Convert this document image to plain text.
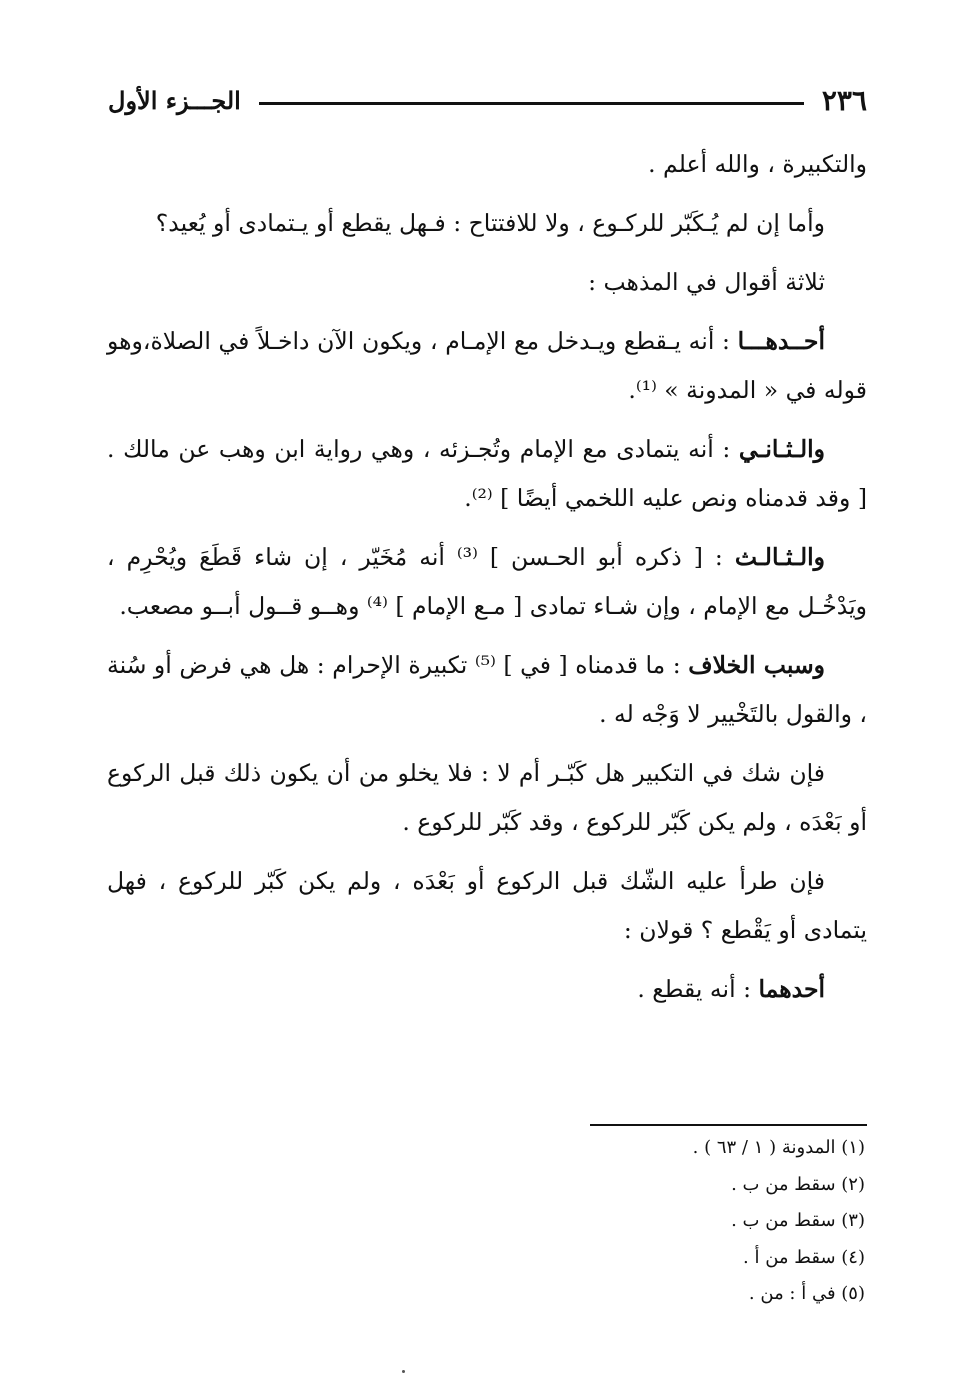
٢٣٦
الجـــزء الأول

والتكبيرة ، والله أعلم .

وأما إن لم يُـكَبّر للركـوع ، ولا للافتتاح : فـهل يقطع أو يـتمادى أو يُعيد؟

ثلاثة أقوال في المذهب :

أحــدهـــا : أنه يـقطع ويـدخل مع الإمـام ، ويكون الآن داخـلاً في الصلاة،وهو قوله في « المدونة » ⁽¹⁾.

والـثـانـي : أنه يتمادى مع الإمام وتُجـزئه ، وهي رواية ابن وهب عن مالك . [ وقد قدمناه ونص عليه اللخمي أيضًا ] ⁽²⁾.

والـثـالـث : [ ذكره أبو الحـسن ] ⁽³⁾ أنه مُخَيّر ، إن شاء قَطَعَ ويُحْرِم ، ويَدْخُـل مع الإمام ، وإن شـاء تمادى [ مـع الإمام ] ⁽⁴⁾ وهــو قــول أبــو مصعب.

وسبب الخلاف : ما قدمناه [ في ] ⁽⁵⁾ تكبيرة الإحرام : هل هي فرض أو سُنة ، والقول بالتَخْيير لا وَجْه له .

فإن شك في التكبير هل كَبّـر أم لا : فلا يخلو من أن يكون ذلك قبل الركوع أو بَعْدَه ، ولم يكن كَبّر للركوع ، وقد كَبّر للركوع .

فإن طرأ عليه الشّك قبل الركوع أو بَعْدَه ، ولم يكن كَبّر للركوع ، فهل يتمادى أو يَقْطع ؟ قولان :

أحدهما : أنه يقطع .

(١) المدونة ( ١ / ٦٣ ) .
(٢) سقط من ب .
(٣) سقط من ب .
(٤) سقط من أ .
(٥) في أ : من .
